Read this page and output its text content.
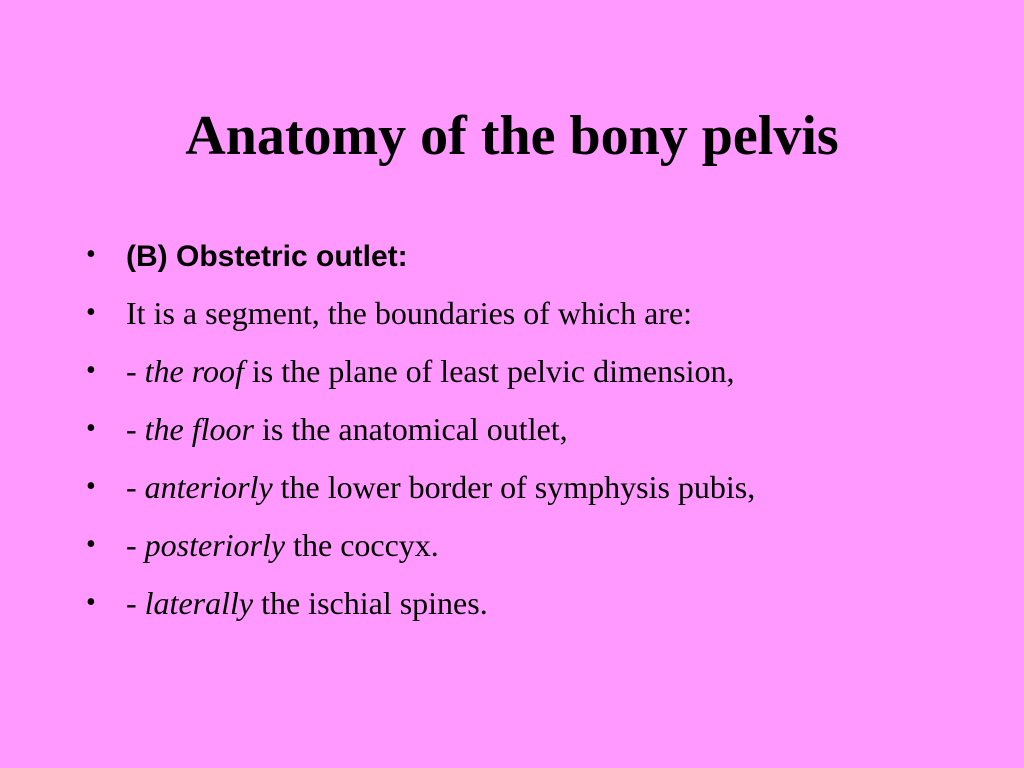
Anatomy of the bony pelvis
• (B) Obstetric outlet:
• It is a segment, the boundaries of which are:
• - the roof is the plane of least pelvic dimension,
• - the floor is the anatomical outlet,
• - anteriorly the lower border of symphysis pubis,
• - posteriorly the coccyx.
• - laterally the ischial spines.
